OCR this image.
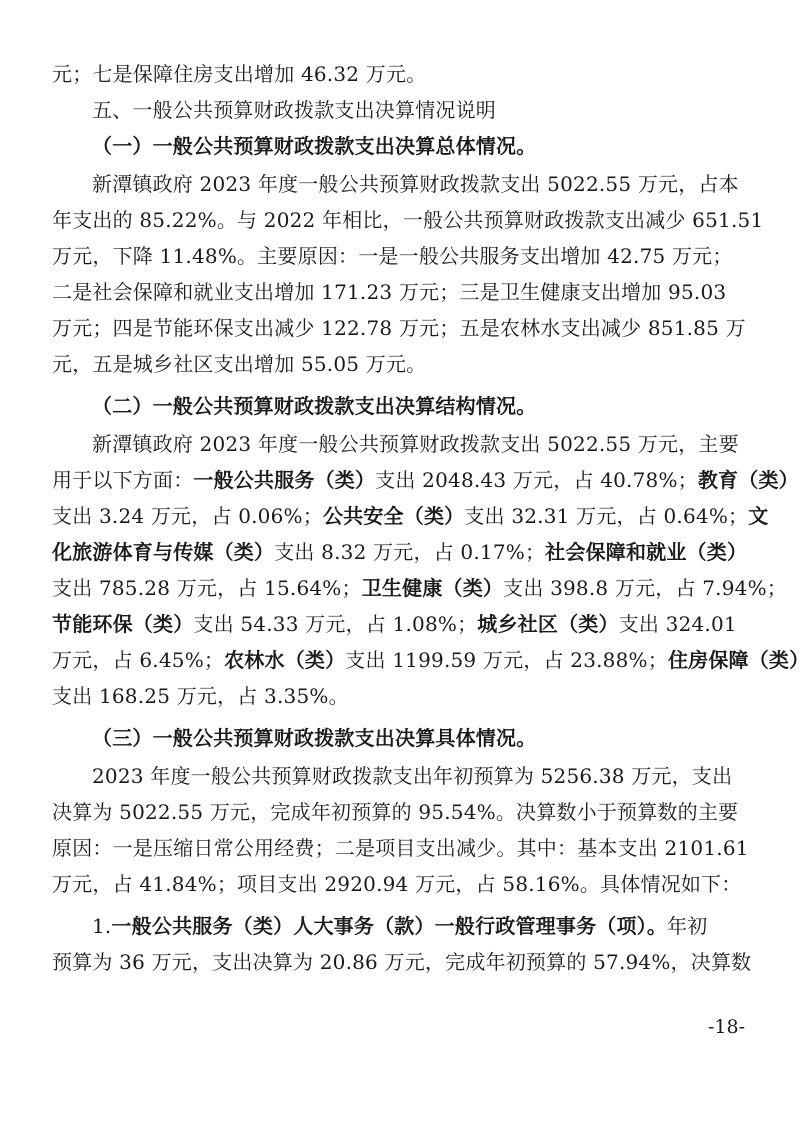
元；七是保障住房支出增加 46.32 万元。
五、一般公共预算财政拨款支出决算情况说明
（一）一般公共预算财政拨款支出决算总体情况。
新潭镇政府 2023 年度一般公共预算财政拨款支出 5022.55 万元，占本
年支出的 85.22%。与 2022 年相比，一般公共预算财政拨款支出减少 651.51
万元，下降 11.48%。主要原因：一是一般公共服务支出增加 42.75 万元；
二是社会保障和就业支出增加 171.23 万元；三是卫生健康支出增加 95.03
万元；四是节能环保支出减少 122.78 万元；五是农林水支出减少 851.85 万
元，五是城乡社区支出增加 55.05 万元。
（二）一般公共预算财政拨款支出决算结构情况。
新潭镇政府 2023 年度一般公共预算财政拨款支出 5022.55 万元，主要
用于以下方面：一般公共服务（类）支出 2048.43 万元，占 40.78%；教育（类）
支出 3.24 万元，占 0.06%；公共安全（类）支出 32.31 万元，占 0.64%；文
化旅游体育与传媒（类）支出 8.32 万元，占 0.17%；社会保障和就业（类）
支出 785.28 万元，占 15.64%；卫生健康（类）支出 398.8 万元，占 7.94%；
节能环保（类）支出 54.33 万元，占 1.08%；城乡社区（类）支出 324.01
万元，占 6.45%；农林水（类）支出 1199.59 万元，占 23.88%；住房保障（类）
支出 168.25 万元，占 3.35%。
（三）一般公共预算财政拨款支出决算具体情况。
2023 年度一般公共预算财政拨款支出年初预算为 5256.38 万元，支出
决算为 5022.55 万元，完成年初预算的 95.54%。决算数小于预算数的主要
原因：一是压缩日常公用经费；二是项目支出减少。其中：基本支出 2101.61
万元，占 41.84%；项目支出 2920.94 万元，占 58.16%。具体情况如下：
1.一般公共服务（类）人大事务（款）一般行政管理事务（项）。年初
预算为 36 万元，支出决算为 20.86 万元，完成年初预算的 57.94%，决算数
-18-
